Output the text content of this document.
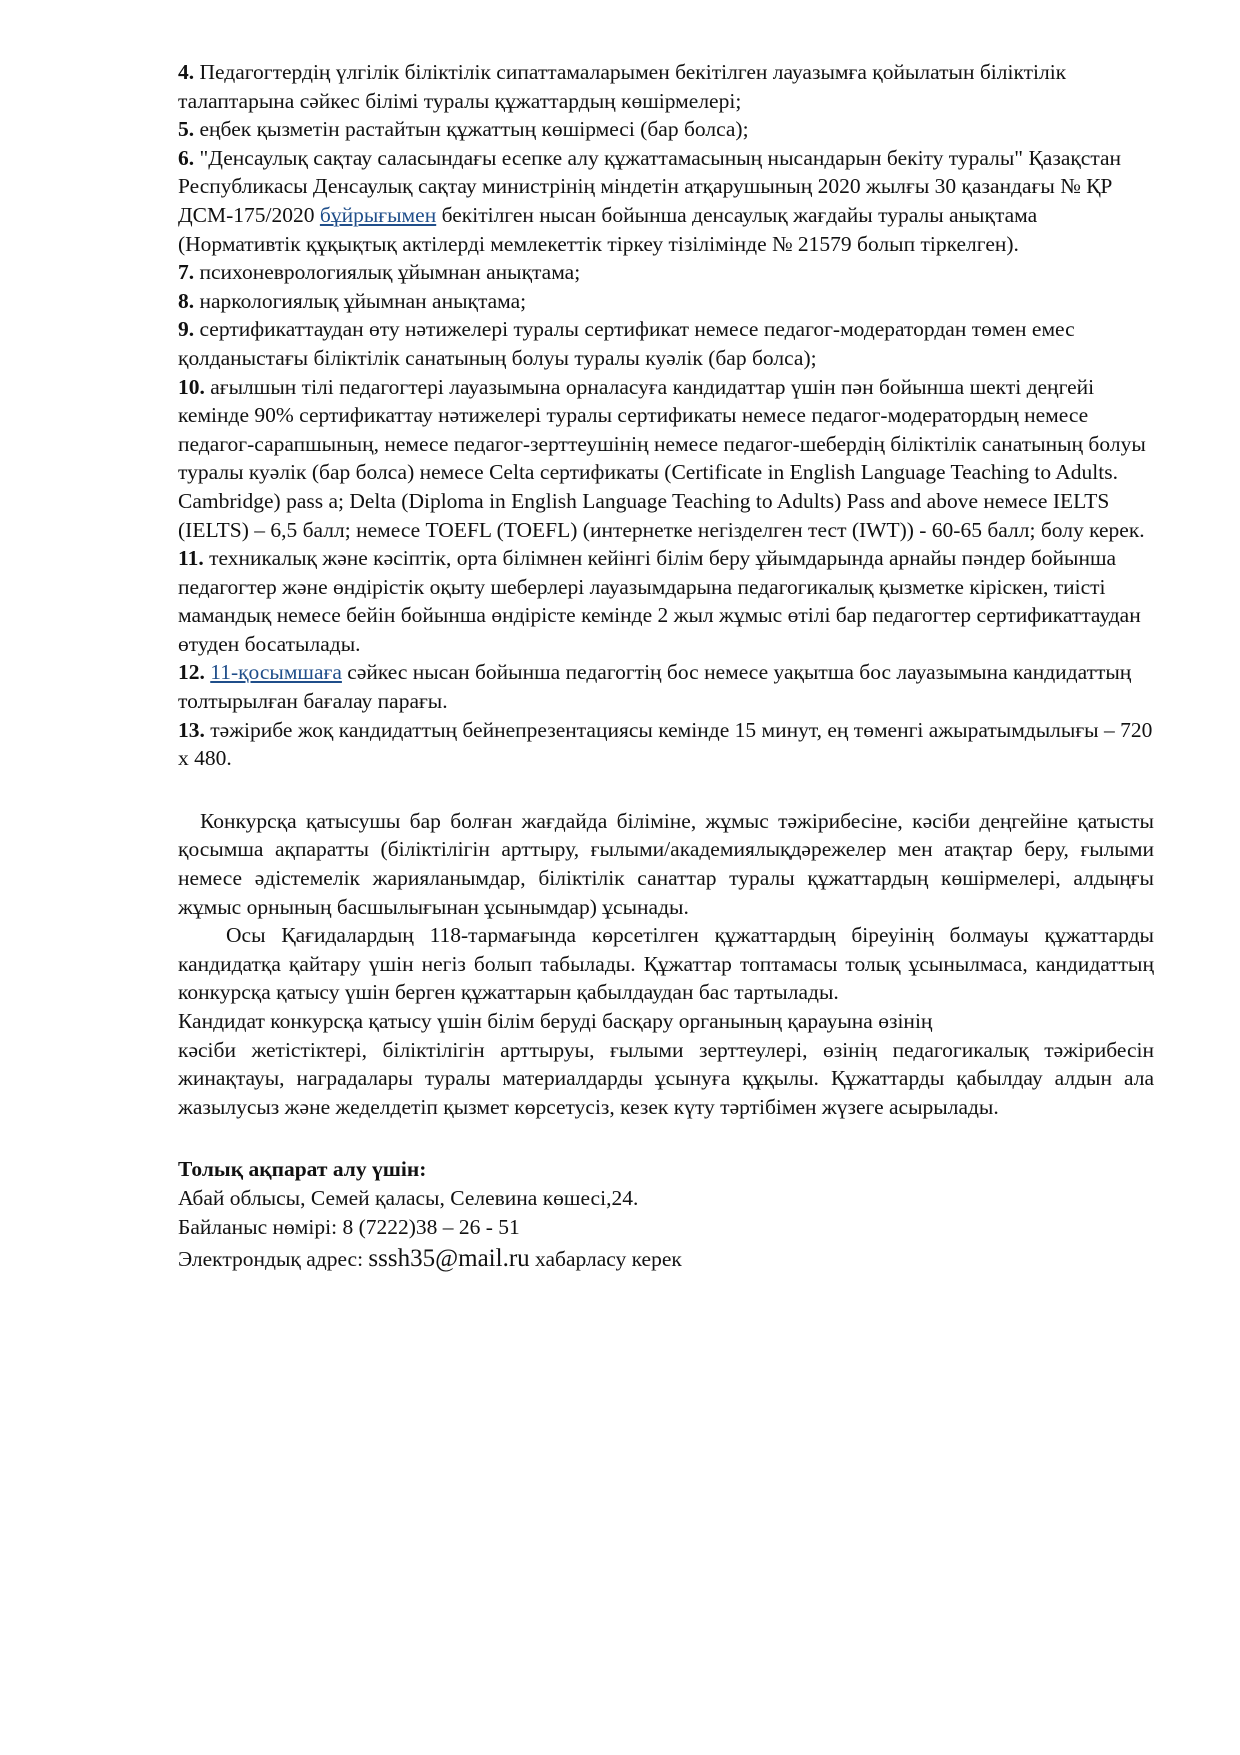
4. Педагогтердің үлгілік біліктілік сипаттамаларымен бекітілген лауазымға қойылатын біліктілік талаптарына сәйкес білімі туралы құжаттардың көшірмелері;

5. еңбек қызметін растайтын құжаттың көшірмесі (бар болса);

6. "Денсаулық сақтау саласындағы есепке алу құжаттамасының нысандарын бекіту туралы" Қазақстан Республикасы Денсаулық сақтау министрінің міндетін атқарушының 2020 жылғы 30 қазандағы № ҚР ДСМ-175/2020 бұйрығымен бекітілген нысан бойынша денсаулық жағдайы туралы анықтама (Нормативтік құқықтық актілерді мемлекеттік тіркеу тізілімінде № 21579 болып тіркелген).

7. психоневрологиялық ұйымнан анықтама;

8. наркологиялық ұйымнан анықтама;

9. сертификаттаудан өту нәтижелері туралы сертификат немесе педагог-модератордан төмен емес қолданыстағы біліктілік санатының болуы туралы куәлік (бар болса);

10. ағылшын тілі педагогтері лауазымына орналасуға кандидаттар үшін пән бойынша шекті деңгейі кемінде 90% сертификаттау нәтижелері туралы сертификаты немесе педагог-модератордың немесе педагог-сарапшының, немесе педагог-зерттеушінің немесе педагог-шебердің біліктілік санатының болуы туралы куәлік (бар болса) немесе Celta сертификаты (Certificate in English Language Teaching to Adults. Cambridge) pass a; Delta (Diploma in English Language Teaching to Adults) Pass and above немесе IELTS (IELTS) – 6,5 балл; немесе TOEFL (TOEFL) (интернетке негізделген тест (IWT)) - 60-65 балл; болу керек.

11. техникалық және кәсіптік, орта білімнен кейінгі білім беру ұйымдарында арнайы пәндер бойынша педагогтер және өндірістік оқыту шеберлері лауазымдарына педагогикалық қызметке кіріскен, тиісті мамандық немесе бейін бойынша өндірісте кемінде 2 жыл жұмыс өтілі бар педагогтер сертификаттаудан өтуден босатылады.

12. 11-қосымшаға сәйкес нысан бойынша педагогтің бос немесе уақытша бос лауазымына кандидаттың толтырылған бағалау парағы.

13. тәжірибе жоқ кандидаттың бейнепрезентациясы кемінде 15 минут, ең төменгі ажыратымдылығы – 720 х 480.

Конкурсқа қатысушы бар болған жағдайда біліміне, жұмыс тәжірибесіне, кәсіби деңгейіне қатысты қосымша ақпаратты (біліктілігін арттыру, ғылыми/академиялықдәрежелер мен атақтар беру, ғылыми немесе әдістемелік жарияланымдар, біліктілік санаттар туралы құжаттардың көшірмелері, алдыңғы жұмыс орнының басшылығынан ұсынымдар) ұсынады.

Осы Қағидалардың 118-тармағында көрсетілген құжаттардың біреуінің болмауы құжаттарды кандидатқа қайтару үшін негіз болып табылады. Құжаттар топтамасы толық ұсынылмаса, кандидаттың конкурсқа қатысу үшін берген құжаттарын қабылдаудан бас тартылады.

Кандидат конкурсқа қатысу үшін білім беруді басқару органының қарауына өзінің

кәсіби жетістіктері, біліктілігін арттыруы, ғылыми зерттеулері, өзінің педагогикалық тәжірибесін жинақтауы, наградалары туралы материалдарды ұсынуға құқылы. Құжаттарды қабылдау алдын ала жазылусыз және жеделдетіп қызмет көрсетусіз, кезек күту тәртібімен жүзеге асырылады.

Толық ақпарат алу үшін:

Абай облысы, Семей қаласы, Селевина көшесі,24.

Байланыс нөмірі: 8 (7222)38 – 26 - 51

Электрондық адрес: sssh35@mail.ru хабарласу керек
